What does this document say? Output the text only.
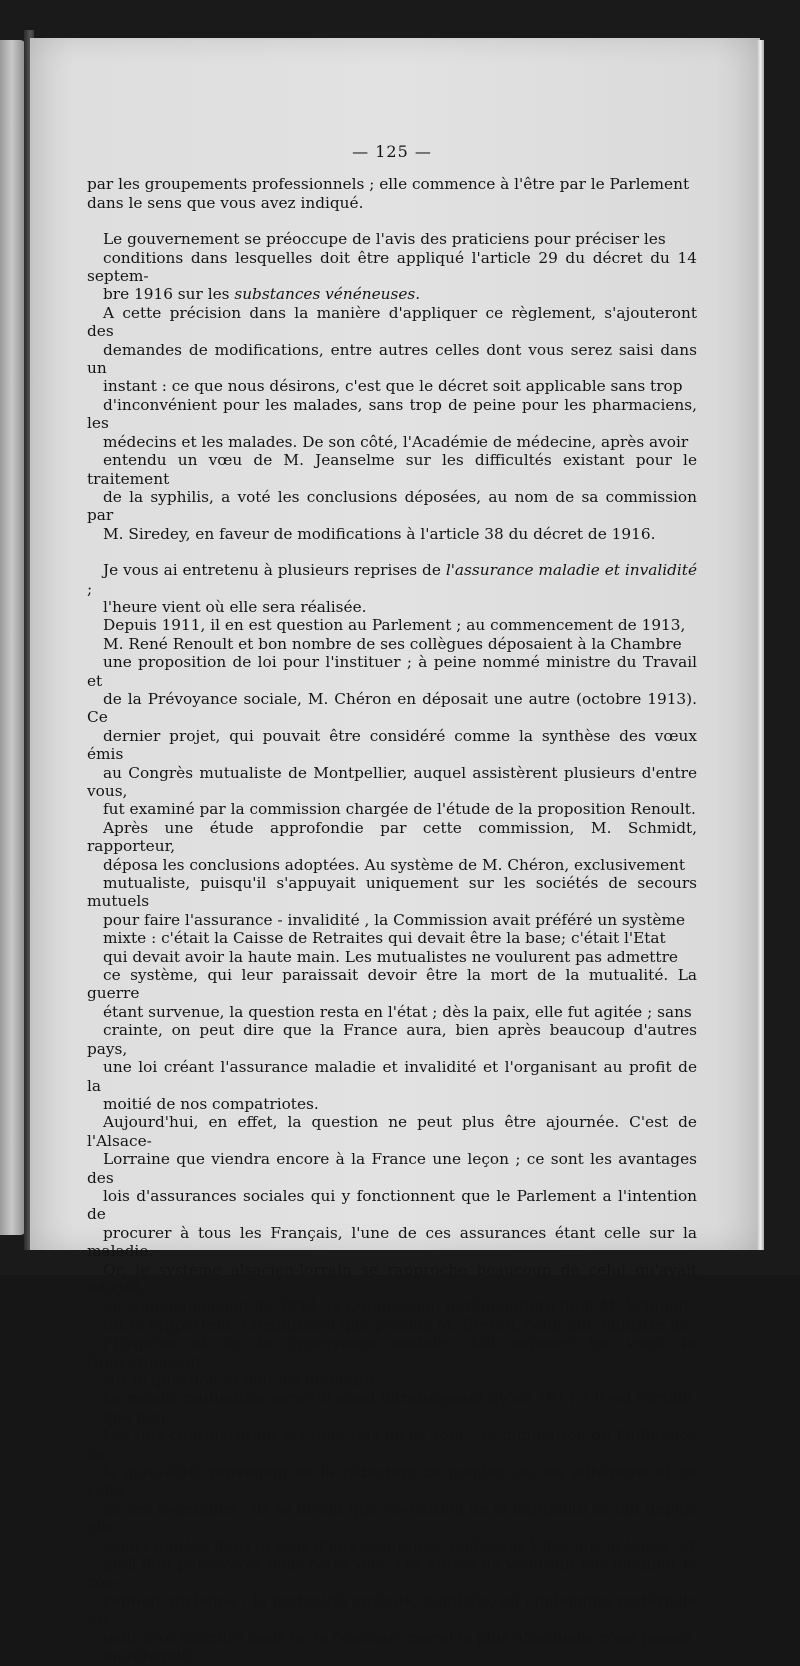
— 125 —

par les groupements professionnels ; elle commence à l'être par le Parlement
dans le sens que vous avez indiqué.

Le gouvernement se préoccupe de l'avis des praticiens pour préciser les
conditions dans lesquelles doit être appliqué l'article 29 du décret du 14 septem-
bre 1916 sur les substances vénéneuses.

A cette précision dans la manière d'appliquer ce règlement, s'ajouteront des
demandes de modifications, entre autres celles dont vous serez saisi dans un
instant : ce que nous désirons, c'est que le décret soit applicable sans trop
d'inconvénient pour les malades, sans trop de peine pour les pharmaciens, les
médecins et les malades. De son côté, l'Académie de médecine, après avoir
entendu un vœu de M. Jeanselme sur les difficultés existant pour le traitement
de la syphilis, a voté les conclusions déposées, au nom de sa commission par
M. Siredey, en faveur de modifications à l'article 38 du décret de 1916.

Je vous ai entretenu à plusieurs reprises de l'assurance maladie et invalidité ;
l'heure vient où elle sera réalisée.

Depuis 1911, il en est question au Parlement ; au commencement de 1913,
M. René Renoult et bon nombre de ses collègues déposaient à la Chambre
une proposition de loi pour l'instituer ; à peine nommé ministre du Travail et
de la Prévoyance sociale, M. Chéron en déposait une autre (octobre 1913). Ce
dernier projet, qui pouvait être considéré comme la synthèse des vœux émis
au Congrès mutualiste de Montpellier, auquel assistèrent plusieurs d'entre vous,
fut examiné par la commission chargée de l'étude de la proposition Renoult.
Après une étude approfondie par cette commission, M. Schmidt, rapporteur,
déposa les conclusions adoptées. Au système de M. Chéron, exclusivement
mutualiste, puisqu'il s'appuyait uniquement sur les sociétés de secours mutuels
pour faire l'assurance - invalidité , la Commission avait préféré un système
mixte : c'était la Caisse de Retraites qui devait être la base; c'était l'Etat
qui devait avoir la haute main. Les mutualistes ne voulurent pas admettre
ce système, qui leur paraissait devoir être la mort de la mutualité. La guerre
étant survenue, la question resta en l'état ; dès la paix, elle fut agitée ; sans
crainte, on peut dire que la France aura, bien après beaucoup d'autres pays,
une loi créant l'assurance maladie et invalidité et l'organisant au profit de la
moitié de nos compatriotes.

Aujourd'hui, en effet, la question ne peut plus être ajournée. C'est de l'Alsace-
Lorraine que viendra encore à la France une leçon ; ce sont les avantages des
lois d'assurances sociales qui y fonctionnent que le Parlement a l'intention de
procurer à tous les Français, l'une de ces assurances étant celle sur la maladie.
Or, le système alsacien-lorrain se rapproche beaucoup de celui qu'avait adopté,
au commencement de 1914, la Commission parlementaire dont M. Schmidt
fut le rapporteur, Commission que présida M. Breton, celui qui, ministre de
l'Hygiène et de la Prévoyance sociale, doit exposer les vues du Gouvernement
sur la question et doit les défendre.

Le monde mutualiste sera-t-il aussi intransigeant qu'en 1914 ? Il est certain
que non.

Les uns considéreront les faits tels qu'ils sont : la diminution de l'influence de
la mutualité, provenant de la réduction du nombre de ses adhérents et de celle
de ses avantages ; ils se diront que l'évolution de la mutualité se fait depuis plu-
sieurs années dans le sens d'une assurance, obéissant à des lois précises, et
qu'il faut persévérer dans cette voie. Les autres ne voudront pas modifier la con-
ception ancienne : la mutualité amicale, familiale, où l'indemnité matérielle est
peut-être moindre mais où le concours moral le plus affectueux n'est jamais
marchandé.
